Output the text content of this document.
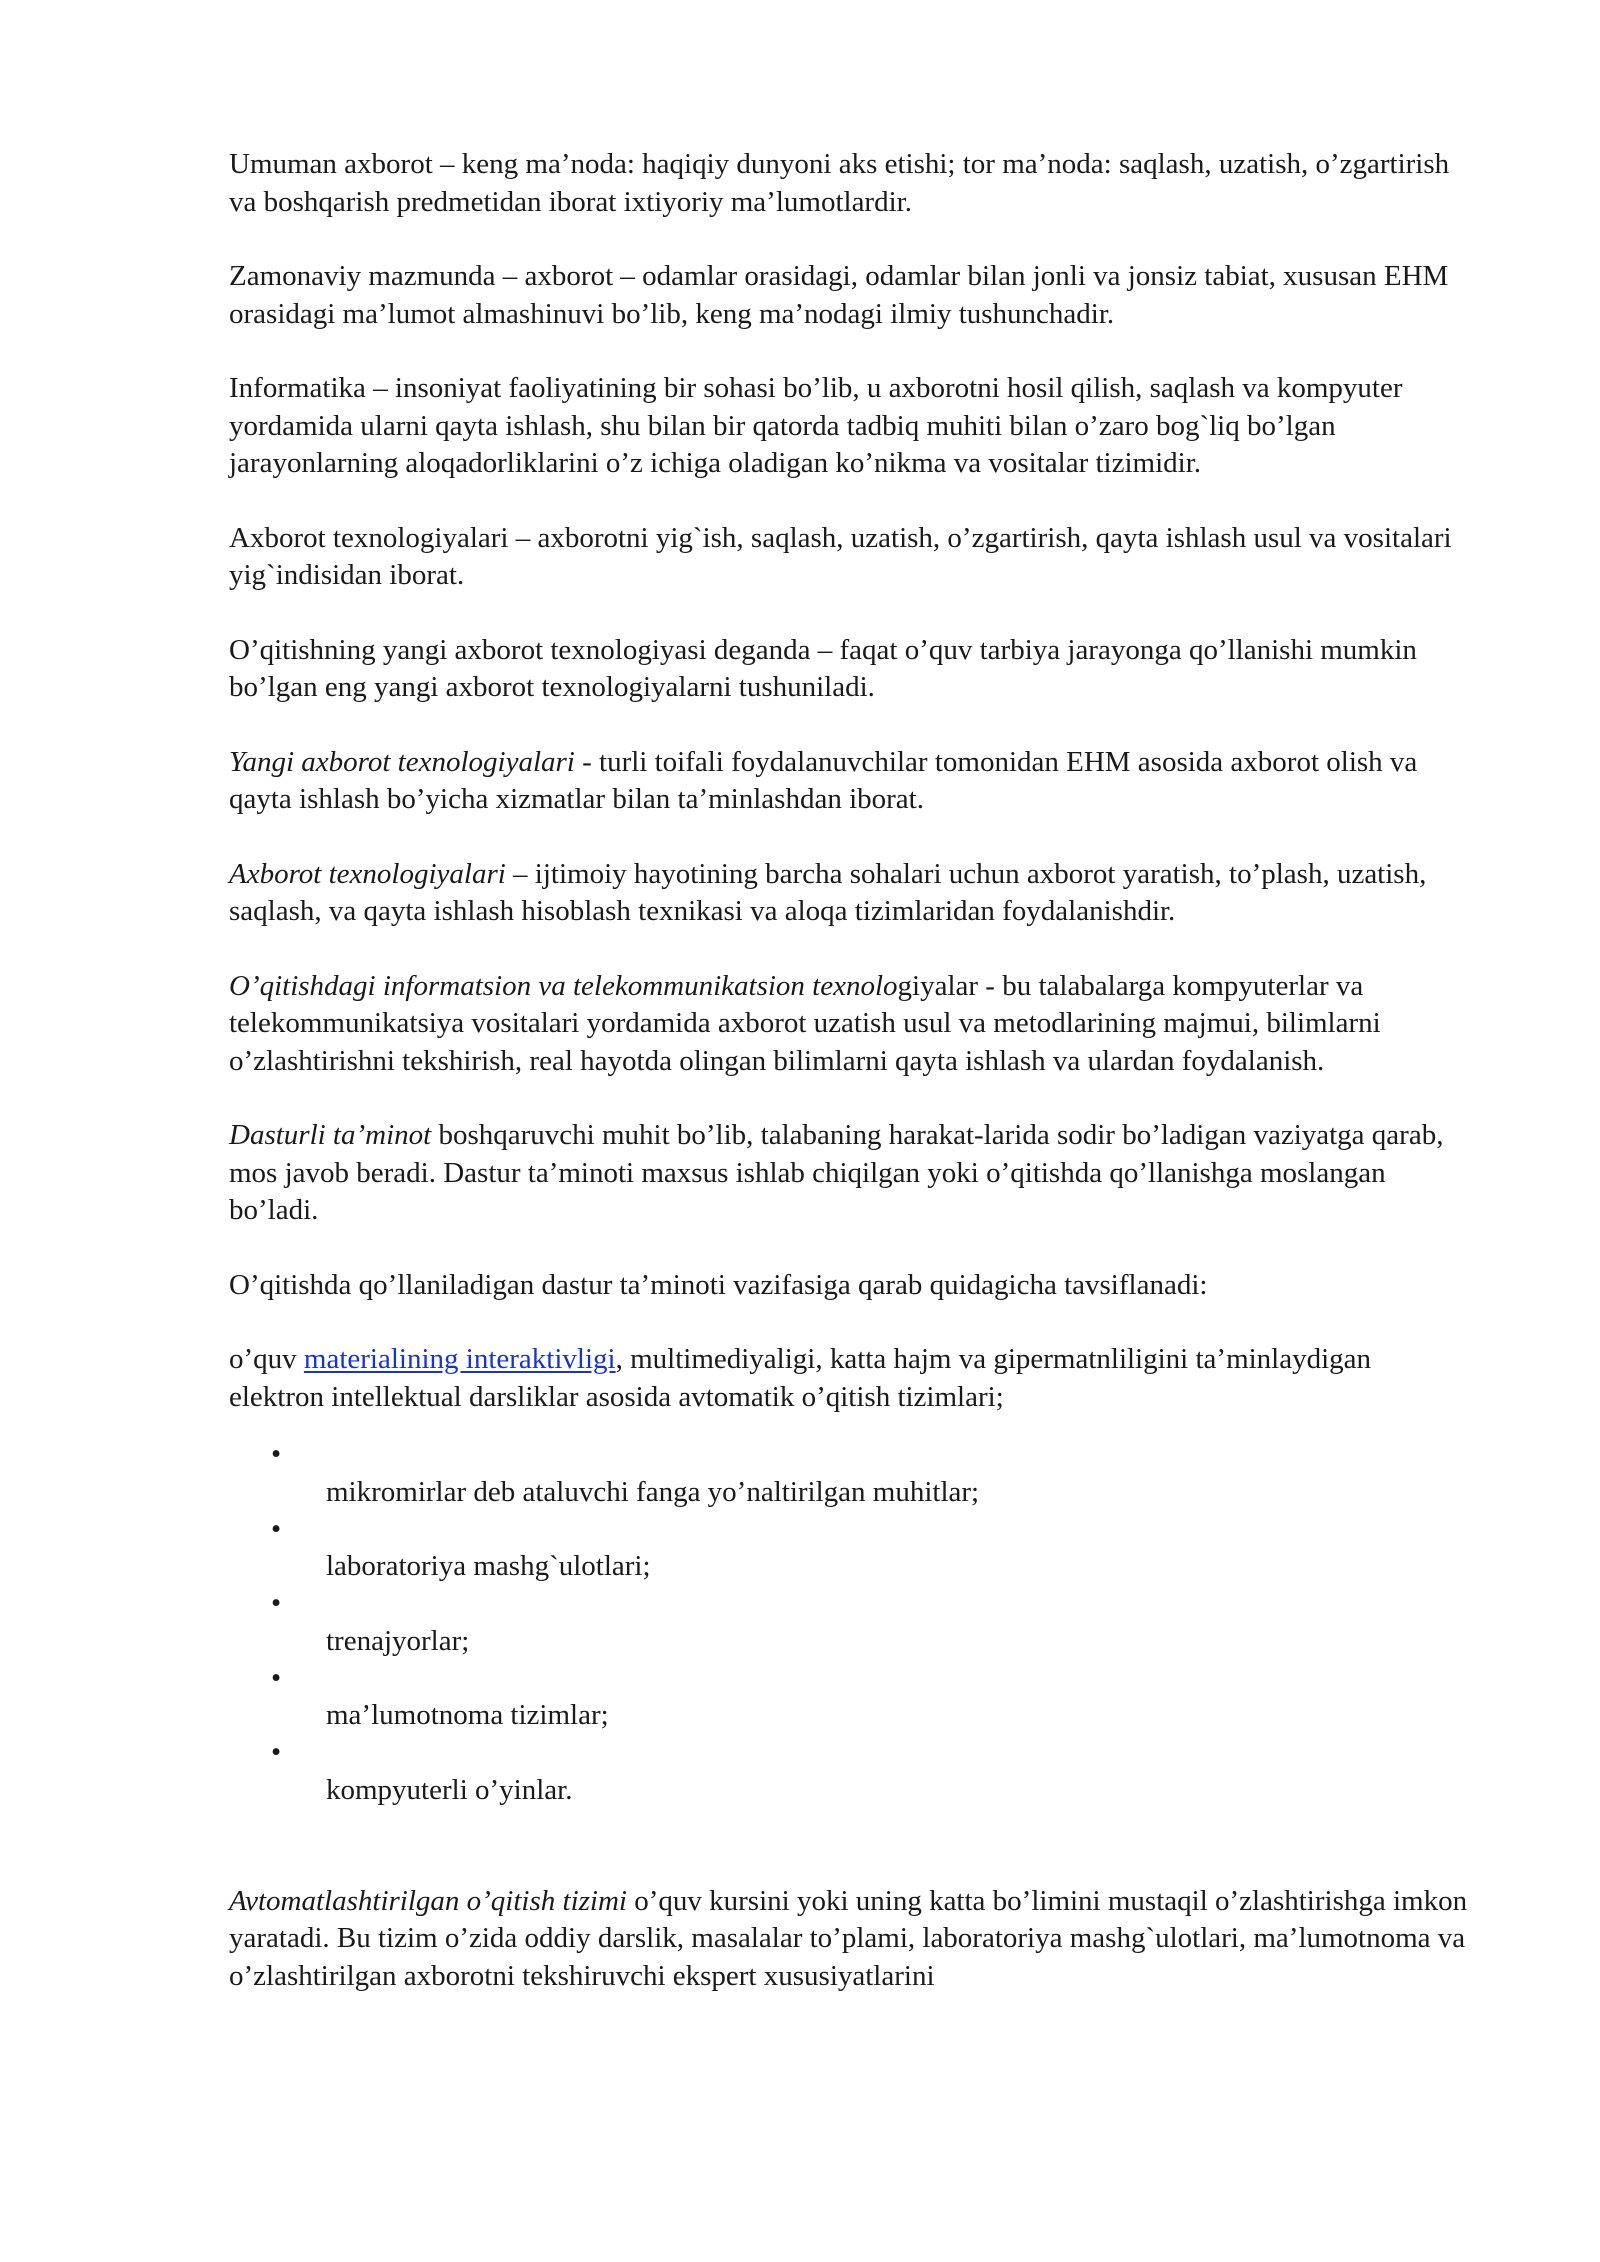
Umuman axborot – keng ma’noda: haqiqiy dunyoni aks etishi; tor ma’noda: saqlash, uzatish, o’zgartirish va boshqarish predmetidan iborat ixtiyoriy ma’lumotlardir.

Zamonaviy mazmunda – axborot – odamlar orasidagi, odamlar bilan jonli va jonsiz tabiat, xususan EHM orasidagi ma’lumot almashinuvi bo’lib, keng ma’nodagi ilmiy tushunchadir.

Informatika – insoniyat faoliyatining bir sohasi bo’lib, u axborotni hosil qilish, saqlash va kompyuter yordamida ularni qayta ishlash, shu bilan bir qatorda tadbiq muhiti bilan o’zaro bog`liq bo’lgan jarayonlarning aloqadorliklarini o’z ichiga oladigan ko’nikma va vositalar tizimidir.

Axborot texnologiyalari – axborotni yig`ish, saqlash, uzatish, o’zgartirish, qayta ishlash usul va vositalari yig`indisidan iborat.

O’qitishning yangi axborot texnologiyasi deganda – faqat o’quv tarbiya jarayonga qo’llanishi mumkin bo’lgan eng yangi axborot texnologiyalarni tushuniladi.

Yangi axborot texnologiyalari - turli toifali foydalanuvchilar tomonidan EHM asosida axborot olish va qayta ishlash bo’yicha xizmatlar bilan ta’minlashdan iborat.

Axborot texnologiyalari – ijtimoiy hayotining barcha sohalari uchun axborot yaratish, to’plash, uzatish, saqlash, va qayta ishlash hisoblash texnikasi va aloqa tizimlaridan foydalanishdir.

O’qitishdagi informatsion va telekommunikatsion texnologiyalar - bu talabalarga kompyuterlar va telekommunikatsiya vositalari yordamida axborot uzatish usul va metodlarining majmui, bilimlarni o’zlashtirishni tekshirish, real hayotda olingan bilimlarni qayta ishlash va ulardan foydalanish.

Dasturli ta’minot boshqaruvchi muhit bo’lib, talabaning harakat-larida sodir bo’ladigan vaziyatga qarab, mos javob beradi. Dastur ta’minoti maxsus ishlab chiqilgan yoki o’qitishda qo’llanishga moslangan bo’ladi.

O’qitishda qo’llaniladigan dastur ta’minoti vazifasiga qarab quidagicha tavsiflanadi:

o’quv materialining interaktivligi, multimediyaligi, katta hajm va gipermatnliligini ta’minlaydigan elektron intellektual darsliklar asosida avtomatik o’qitish tizimlari;

•
mikromirlar deb ataluvchi fanga yo’naltirilgan muhitlar;
•
laboratoriya mashg`ulotlari;
•
trenajyorlar;
•
ma’lumotnoma tizimlar;
•
kompyuterli o’yinlar.

Avtomatlashtirilgan o’qitish tizimi o’quv kursini yoki uning katta bo’limini mustaqil o’zlashtirishga imkon yaratadi. Bu tizim o’zida oddiy darslik, masalalar to’plami, laboratoriya mashg`ulotlari, ma’lumotnoma va o’zlashtirilgan axborotni tekshiruvchi ekspert xususiyatlarini
